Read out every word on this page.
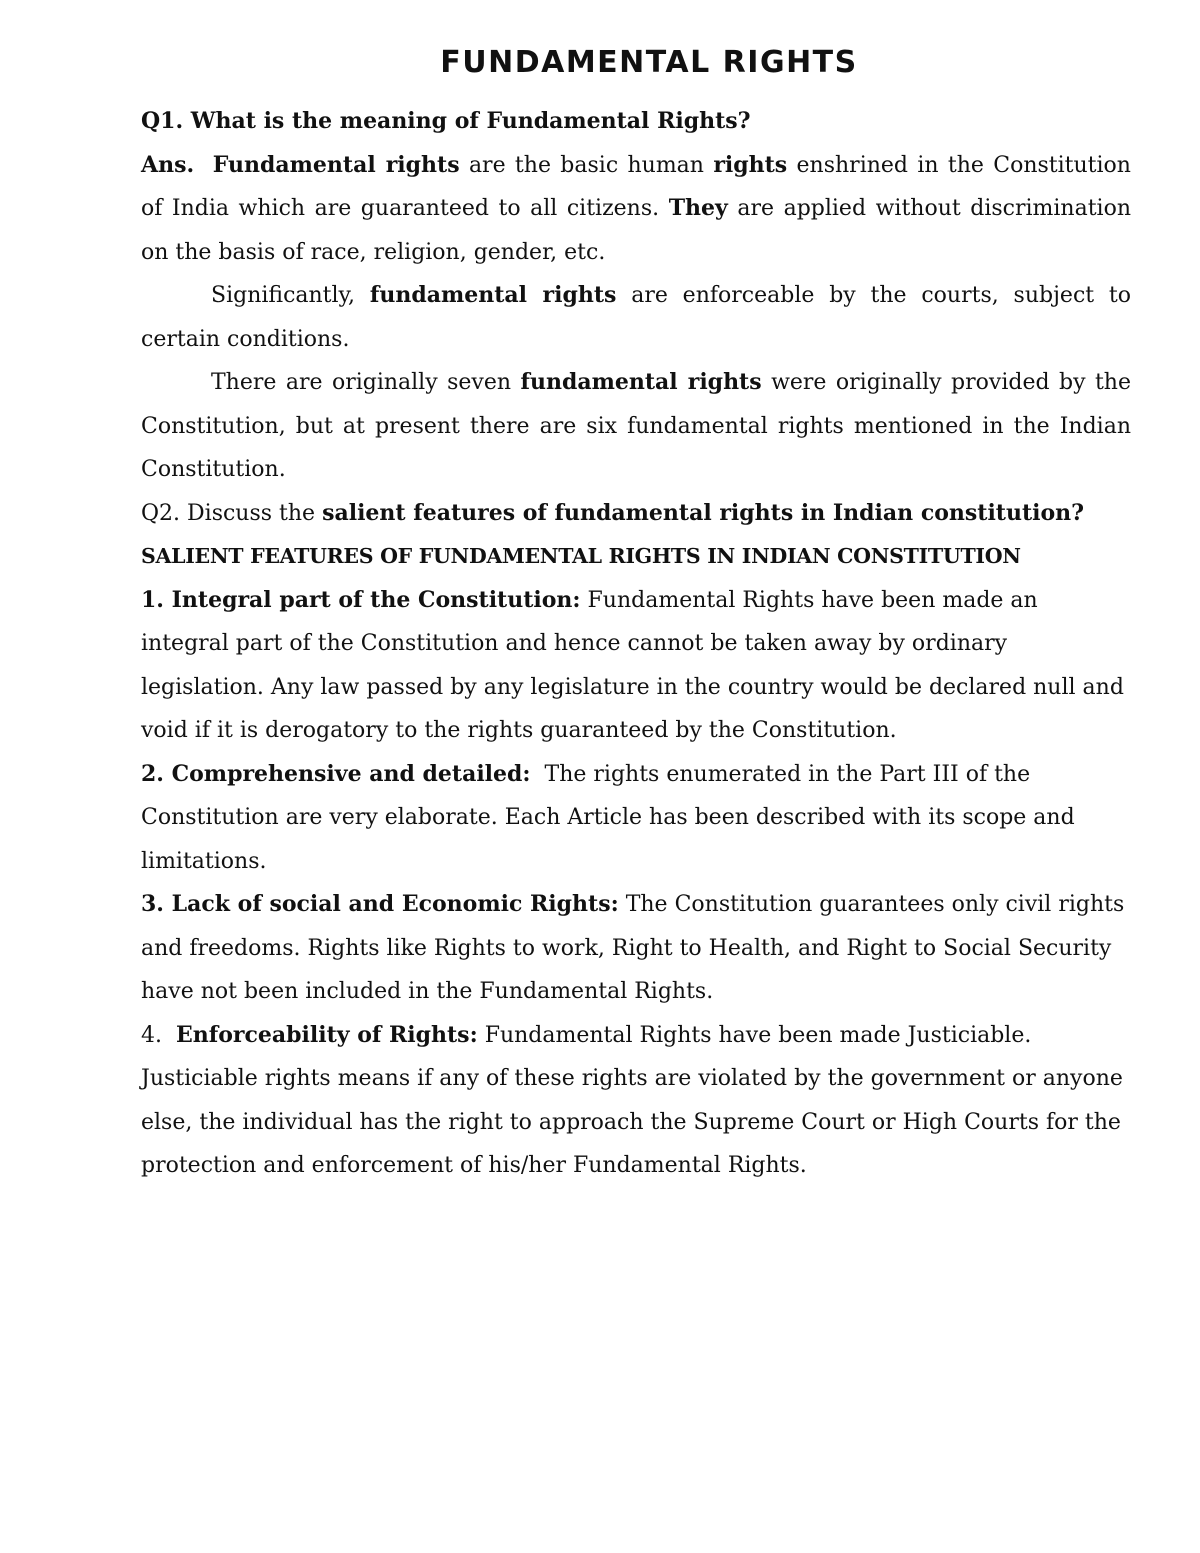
FUNDAMENTAL RIGHTS

Q1. What is the meaning of Fundamental Rights?

Ans. Fundamental rights are the basic human rights enshrined in the Constitution of India which are guaranteed to all citizens. They are applied without discrimination on the basis of race, religion, gender, etc.

Significantly, fundamental rights are enforceable by the courts, subject to certain conditions.

There are originally seven fundamental rights were originally provided by the Constitution, but at present there are six fundamental rights mentioned in the Indian Constitution.

Q2. Discuss the salient features of fundamental rights in Indian constitution?

SALIENT FEATURES OF FUNDAMENTAL RIGHTS IN INDIAN CONSTITUTION

1. Integral part of the Constitution: Fundamental Rights have been made an integral part of the Constitution and hence cannot be taken away by ordinary legislation. Any law passed by any legislature in the country would be declared null and void if it is derogatory to the rights guaranteed by the Constitution.

2. Comprehensive and detailed: The rights enumerated in the Part III of the Constitution are very elaborate. Each Article has been described with its scope and limitations.

3. Lack of social and Economic Rights: The Constitution guarantees only civil rights and freedoms. Rights like Rights to work, Right to Health, and Right to Social Security have not been included in the Fundamental Rights.

4. Enforceability of Rights: Fundamental Rights have been made Justiciable. Justiciable rights means if any of these rights are violated by the government or anyone else, the individual has the right to approach the Supreme Court or High Courts for the protection and enforcement of his/her Fundamental Rights.
